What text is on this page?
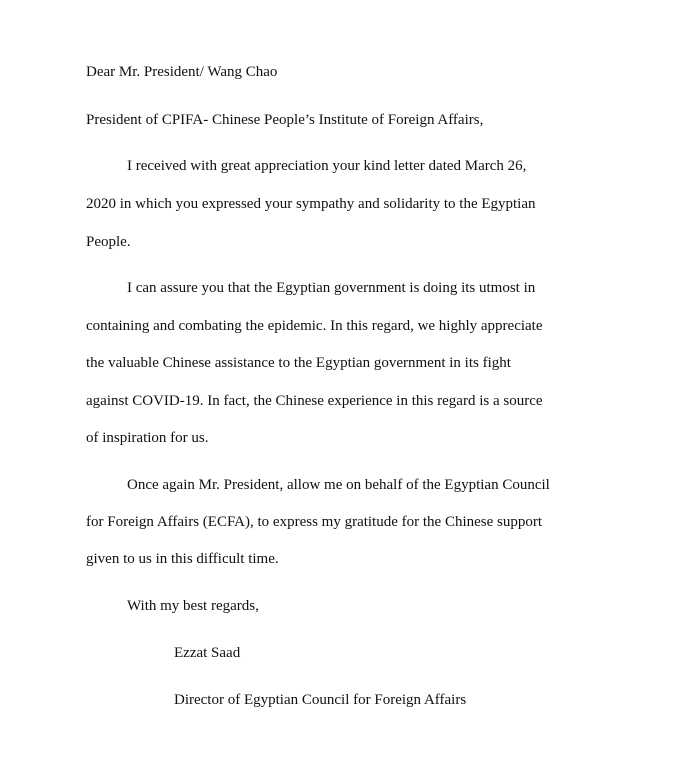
Dear Mr. President/ Wang Chao

President of CPIFA- Chinese People’s Institute of Foreign Affairs,

I received with great appreciation your kind letter dated March 26,

2020 in which you expressed your sympathy and solidarity to the Egyptian

People.

I can assure you that the Egyptian government is doing its utmost in

containing and combating the epidemic. In this regard, we highly appreciate

the valuable Chinese assistance to the Egyptian government in its fight

against COVID-19. In fact, the Chinese experience in this regard is a source

of inspiration for us.

Once again Mr. President, allow me on behalf of the Egyptian Council

for Foreign Affairs (ECFA), to express my gratitude for the Chinese support

given to us in this difficult time.

With my best regards,

Ezzat Saad

Director of Egyptian Council for Foreign Affairs
